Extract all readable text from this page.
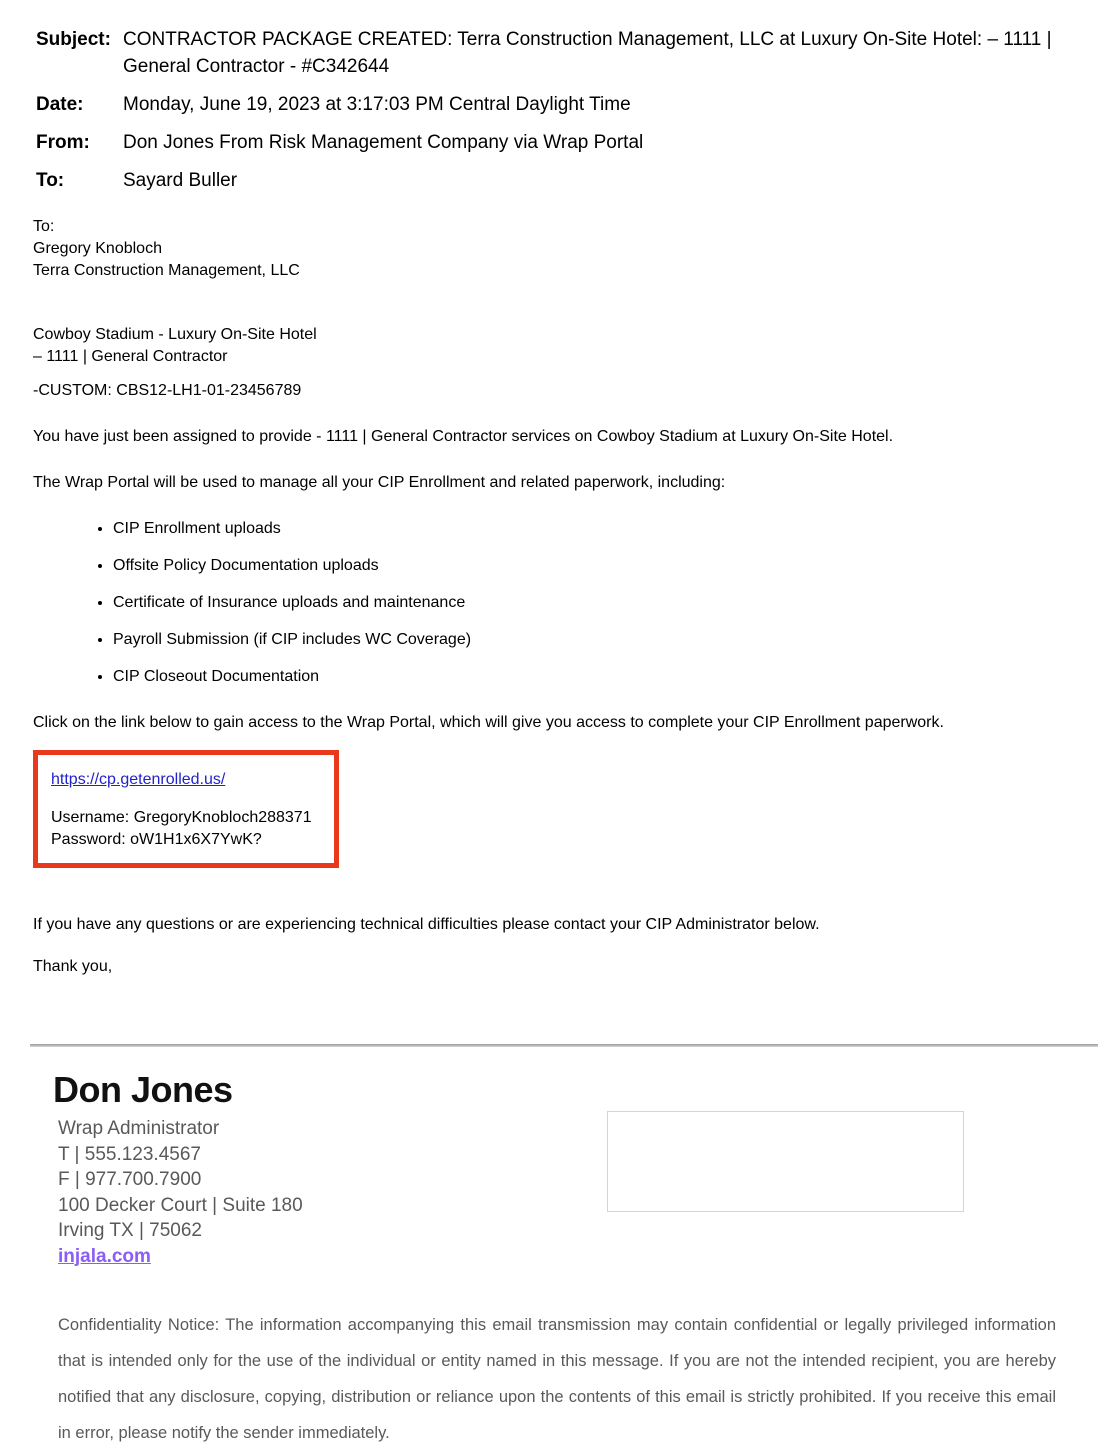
Subject: CONTRACTOR PACKAGE CREATED: Terra Construction Management, LLC at Luxury On-Site Hotel: – 1111 | General Contractor - #C342644
Date:	Monday, June 19, 2023 at 3:17:03 PM Central Daylight Time
From:	Don Jones From Risk Management Company via Wrap Portal
To:	Sayard Buller
To:
Gregory Knobloch
Terra Construction Management, LLC
Cowboy Stadium - Luxury On-Site Hotel
– 1111 | General Contractor
-CUSTOM: CBS12-LH1-01-23456789

You have just been assigned to provide - 1111 | General Contractor services on Cowboy Stadium at Luxury On-Site Hotel.

The Wrap Portal will be used to manage all your CIP Enrollment and related paperwork, including:

• CIP Enrollment uploads
• Offsite Policy Documentation uploads
• Certificate of Insurance uploads and maintenance
• Payroll Submission (if CIP includes WC Coverage)
• CIP Closeout Documentation

Click on the link below to gain access to the Wrap Portal, which will give you access to complete your CIP Enrollment paperwork.

https://cp.getenrolled.us/
Username: GregoryKnobloch288371
Password: oW1H1x6X7YwK?

If you have any questions or are experiencing technical difficulties please contact your CIP Administrator below.

Thank you,

Don Jones
Wrap Administrator
T | 555.123.4567
F | 977.700.7900
100 Decker Court | Suite 180
Irving TX | 75062
injala.com

Confidentiality Notice: The information accompanying this email transmission may contain confidential or legally privileged information that is intended only for the use of the individual or entity named in this message. If you are not the intended recipient, you are hereby notified that any disclosure, copying, distribution or reliance upon the contents of this email is strictly prohibited. If you receive this email in error, please notify the sender immediately.
